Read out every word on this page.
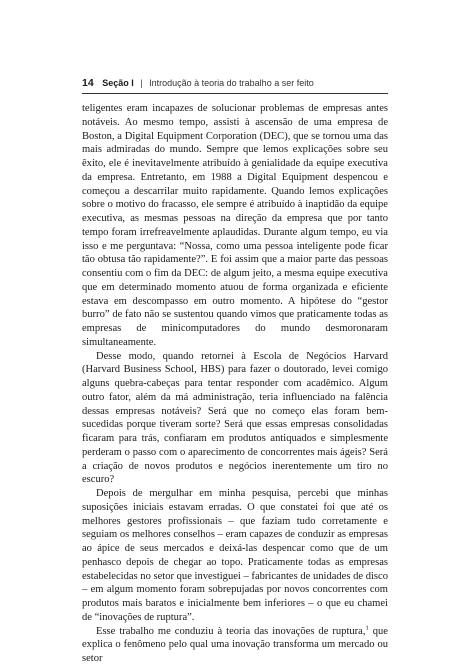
14 Seção I | Introdução à teoria do trabalho a ser feito

teligentes eram incapazes de solucionar problemas de empresas antes notáveis. Ao mesmo tempo, assisti à ascensão de uma empresa de Boston, a Digital Equipment Corporation (DEC), que se tornou uma das mais admiradas do mundo. Sempre que lemos explicações sobre seu êxito, ele é inevitavelmente atribuído à genialidade da equipe executiva da empresa. Entretanto, em 1988 a Digital Equipment despencou e começou a descarrilar muito rapidamente. Quando lemos explicações sobre o motivo do fracasso, ele sempre é atribuído à inaptidão da equipe executiva, as mesmas pessoas na direção da empresa que por tanto tempo foram irrefreavelmente aplaudidas. Durante algum tempo, eu via isso e me perguntava: “Nossa, como uma pessoa inteligente pode ficar tão obtusa tão rapidamente?”. E foi assim que a maior parte das pessoas consentiu com o fim da DEC: de algum jeito, a mesma equipe executiva que em determinado momento atuou de forma organizada e eficiente estava em descompasso em outro momento. A hipótese do “gestor burro” de fato não se sustentou quando vimos que praticamente todas as empresas de minicomputadores do mundo desmoronaram simultaneamente.

Desse modo, quando retornei à Escola de Negócios Harvard (Harvard Business School, HBS) para fazer o doutorado, levei comigo alguns quebra-cabeças para tentar responder com acadêmico. Algum outro fator, além da má administração, teria influenciado na falência dessas empresas notáveis? Será que no começo elas foram bem-sucedidas porque tiveram sorte? Será que essas empresas consolidadas ficaram para trás, confiaram em produtos antiquados e simplesmente perderam o passo com o aparecimento de concorrentes mais ágeis? Será a criação de novos produtos e negócios inerentemente um tiro no escuro?

Depois de mergulhar em minha pesquisa, percebi que minhas suposições iniciais estavam erradas. O que constatei foi que até os melhores gestores profissionais – que faziam tudo corretamente e seguiam os melhores conselhos – eram capazes de conduzir as empresas ao ápice de seus mercados e deixá-las despencar como que de um penhasco depois de chegar ao topo. Praticamente todas as empresas estabelecidas no setor que investiguei – fabricantes de unidades de disco – em algum momento foram sobrepujadas por novos concorrentes com produtos mais baratos e inicialmente bem inferiores – o que eu chamei de “inovações de ruptura”.

Esse trabalho me conduziu à teoria das inovações de ruptura,$^1$ que explica o fenômeno pelo qual uma inovação transforma um mercado ou setor
